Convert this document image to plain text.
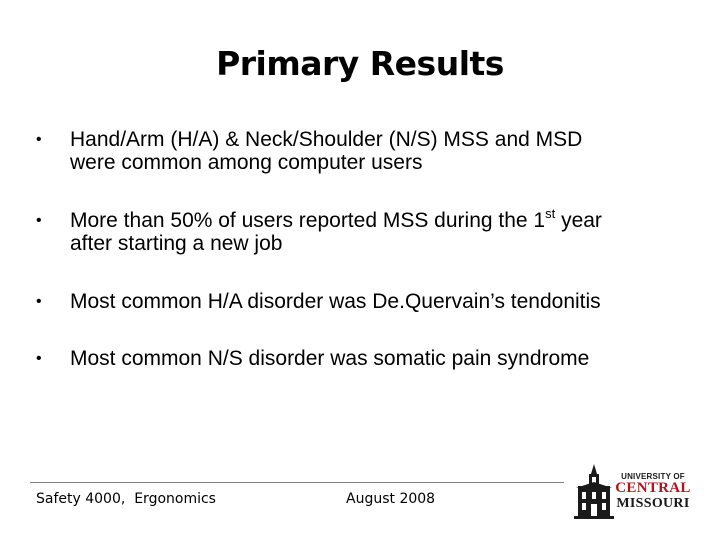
Primary Results
•	Hand/Arm (H/A) & Neck/Shoulder (N/S) MSS and MSD
were common among computer users
•	More than 50% of users reported MSS during the 1st year
after starting a new job
•	Most common H/A disorder was De.Quervain’s tendonitis
•	Most common N/S disorder was somatic pain syndrome
Safety 4000,  Ergonomics	August 2008
UNIVERSITY OF
CENTRAL
MISSOURI
